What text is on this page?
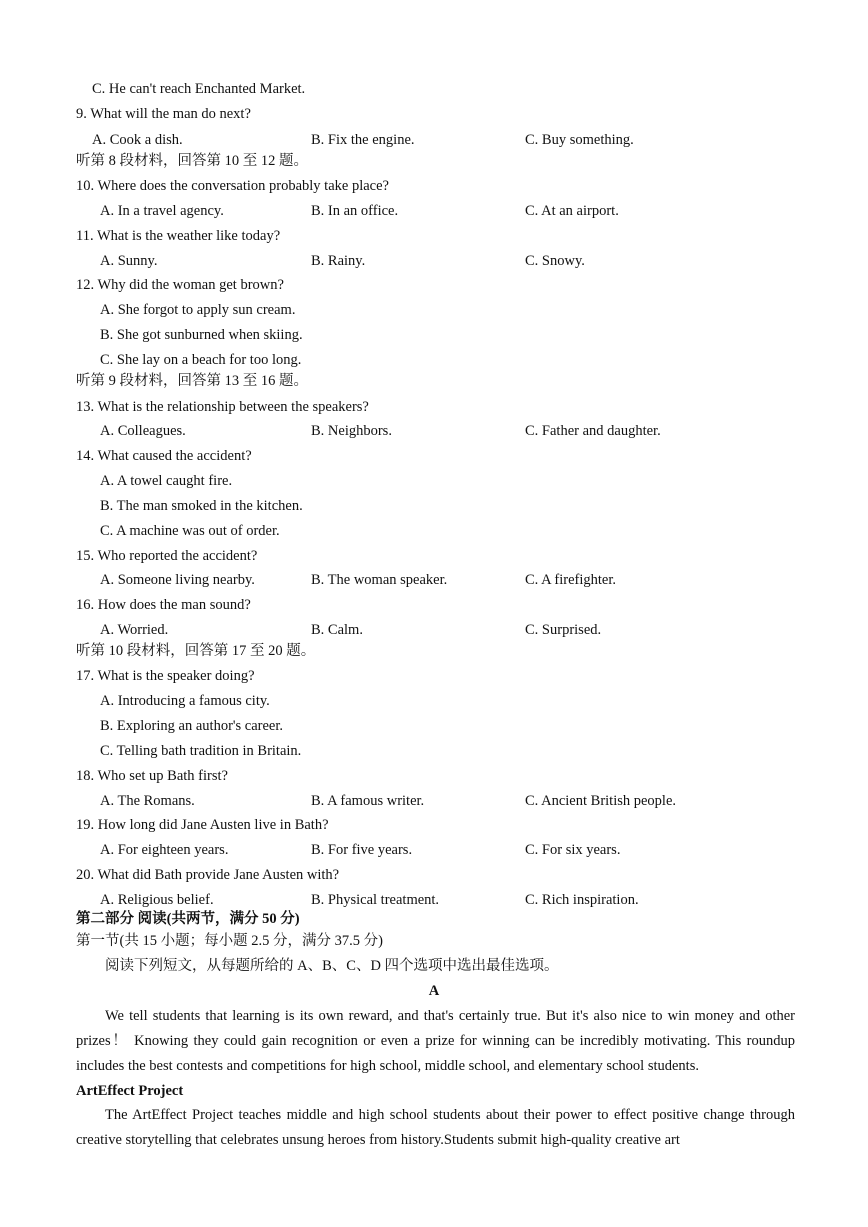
C. He can't reach Enchanted Market.
9. What will the man do next?
A. Cook a dish.	B. Fix the engine.	C. Buy something.
听第 8 段材料，回答第 10 至 12 题。
10. Where does the conversation probably take place?
A. In a travel agency.	B. In an office.	C. At an airport.
11. What is the weather like today?
A. Sunny.	B. Rainy.	C. Snowy.
12. Why did the woman get brown?
A. She forgot to apply sun cream.
B. She got sunburned when skiing.
C. She lay on a beach for too long.
听第 9 段材料，回答第 13 至 16 题。
13. What is the relationship between the speakers?
A. Colleagues.	B. Neighbors.	C. Father and daughter.
14. What caused the accident?
A. A towel caught fire.
B. The man smoked in the kitchen.
C. A machine was out of order.
15. Who reported the accident?
A. Someone living nearby.	B. The woman speaker.	C. A firefighter.
16. How does the man sound?
A. Worried.	B. Calm.	C. Surprised.
听第 10 段材料，回答第 17 至 20 题。
17. What is the speaker doing?
A. Introducing a famous city.
B. Exploring an author's career.
C. Telling bath tradition in Britain.
18. Who set up Bath first?
A. The Romans.	B. A famous writer.	C. Ancient British people.
19. How long did Jane Austen live in Bath?
A. For eighteen years.	B. For five years.	C. For six years.
20. What did Bath provide Jane Austen with?
A. Religious belief.	B. Physical treatment.	C. Rich inspiration.
第二部分 阅读(共两节，满分 50 分)
第一节(共 15 小题；每小题 2.5 分，满分 37.5 分)
阅读下列短文，从每题所给的 A、B、C、D 四个选项中选出最佳选项。
A
We tell students that learning is its own reward, and that's certainly true. But it's also nice to win money and other prizes！ Knowing they could gain recognition or even a prize for winning can be incredibly motivating. This roundup includes the best contests and competitions for high school, middle school, and elementary school students.
ArtEffect Project
The ArtEffect Project teaches middle and high school students about their power to effect positive change through creative storytelling that celebrates unsung heroes from history.Students submit high-quality creative art
